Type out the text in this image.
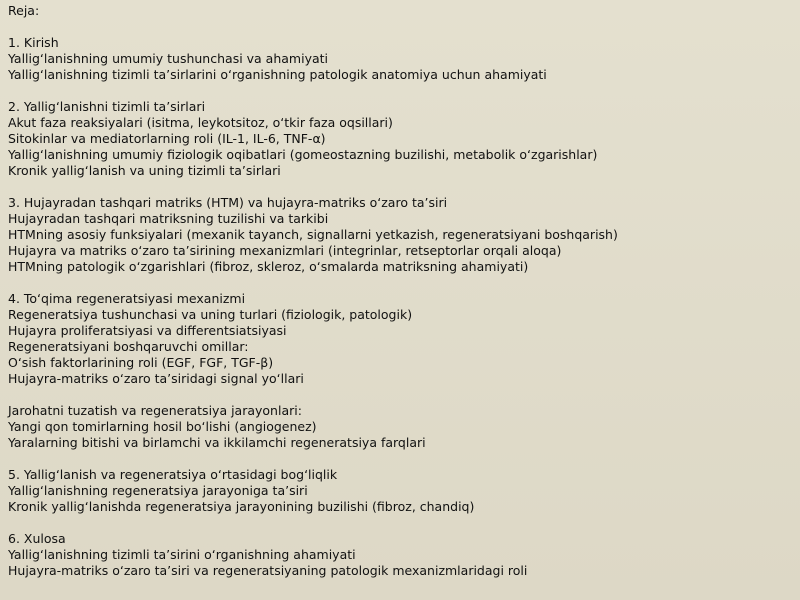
Reja:
1. Kirish
Yallig‘lanishning umumiy tushunchasi va ahamiyati
Yallig‘lanishning tizimli ta’sirlarini o‘rganishning patologik anatomiya uchun ahamiyati
2. Yallig‘lanishni tizimli ta’sirlari
Akut faza reaksiyalari (isitma, leykotsitoz, o‘tkir faza oqsillari)
Sitokinlar va mediatorlarning roli (IL-1, IL-6, TNF-α)
Yallig‘lanishning umumiy fiziologik oqibatlari (gomeostazning buzilishi, metabolik o‘zgarishlar)
Kronik yallig‘lanish va uning tizimli ta’sirlari
3. Hujayradan tashqari matriks (HTM) va hujayra-matriks o‘zaro ta’siri
Hujayradan tashqari matriksning tuzilishi va tarkibi
HTMning asosiy funksiyalari (mexanik tayanch, signallarni yetkazish, regeneratsiyani boshqarish)
Hujayra va matriks o‘zaro ta’sirining mexanizmlari (integrinlar, retseptorlar orqali aloqa)
HTMning patologik o‘zgarishlari (fibroz, skleroz, o‘smalarda matriksning ahamiyati)
4. To‘qima regeneratsiyasi mexanizmi
Regeneratsiya tushunchasi va uning turlari (fiziologik, patologik)
Hujayra proliferatsiyasi va differentsiatsiyasi
Regeneratsiyani boshqaruvchi omillar:
O‘sish faktorlarining roli (EGF, FGF, TGF-β)
Hujayra-matriks o‘zaro ta’siridagi signal yo‘llari
Jarohatni tuzatish va regeneratsiya jarayonlari:
Yangi qon tomirlarning hosil bo‘lishi (angiogenez)
Yaralarning bitishi va birlamchi va ikkilamchi regeneratsiya farqlari
5. Yallig‘lanish va regeneratsiya o‘rtasidagi bog‘liqlik
Yallig‘lanishning regeneratsiya jarayoniga ta’siri
Kronik yallig‘lanishda regeneratsiya jarayonining buzilishi (fibroz, chandiq)
6. Xulosa
Yallig‘lanishning tizimli ta’sirini o‘rganishning ahamiyati
Hujayra-matriks o‘zaro ta’siri va regeneratsiyaning patologik mexanizmlaridagi roli
